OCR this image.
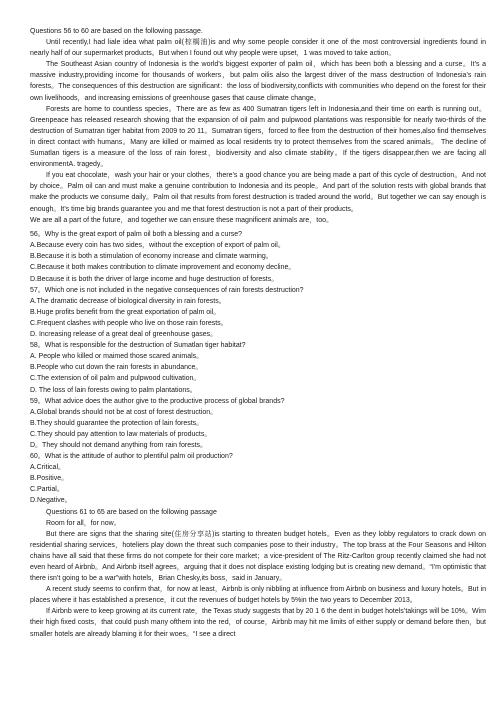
Questions 56 to 60 are based on the following passage.

Until recently,I had liale idea what palm oil(棕榈油)is and why some people consider it one of the most controversial ingredients found in nearly half of our supermarket products。But when I found out why people were upset，1 was moved to take action。

The Southeast Asian country of Indonesia is the world’s biggest exporter of palm oil，which has been both a blessing and a curse。It’s a massive industry,providing income for thousands of workers，but palm oilis also the largest driver of the mass destruction of Indonesia’s rain forests。The consequences of this destruction are significant：the loss of biodiversity,conflicts with communities who depend on the forest for their own livelihoods，and increasing emissions of greenhouse gases that cause climate change。

Forests are home to countless species。There are as few as 400 Sumatran tigers left in Indonesia,and their time on earth is running out。Greenpeace has released research showing that the expansion of oil palm and pulpwood plantations was responsible for nearly two-thirds of the destruction of Sumatran tiger habitat from 2009 to 20 11。Sumatran tigers，forced to flee from the destruction of their homes,also find themselves in direct contact with humans。Many are killed or maimed as local residents try to protect themselves from the scared animals。 The decline of Sumatlan tigers is a measure of the loss of rain forest，biodiversity and also climate stability。If the tigers disappear,then we are facing all environmentA. tragedy。

If you eat chocolate，wash your hair or your clothes，there’s a good chance you are being made a part of this cycle of destruction。And not by choice。Palm oil can and must make a genuine contribution to Indonesia and its people。And part of the solution rests with global brands that make the products we consume daily。Palm oil that results from forest destruction is traded around the world。But together we can say enough is enough。It’s time big brands guarantee you and me that forest destruction is not a part of their products。

We are all a part of the future，and together we can ensure these magnificent animals are，too。

56。Why is the great export of palm oil both a blessing and a curse?

A.Because every coin has two sides，without the exception of export of palm oil。

B.Because it is both a stimulation of economy increase and climate warming。

C.Because it both makes contribution to climate improvement and economy decline。

D.Because it is both the driver of large income and huge destruction of forests。

57。Which one is not included in the negative consequences of rain forests destruction?

A.The dramatic decrease of biological diversity in rain forests。

B.Huge profits benefit from the great exportation of palm oil。

C.Frequent clashes with people who live on those rain forests。

D. Increasing release of a great deal of greenhouse gases。

58。What is responsible for the destruction of Sumatlan tiger habitat?

A. People who killed or maimed those scared animals。

B.People who cut down the rain forests in abundance。

C.The extension of oil palm and pulpwood cultivation。

D. The loss of lain forests owing to palm plantations。

59。What advice does the author give to the productive process of global brands?

A.Global brands should not be at cost of forest destruction。

B.They should guarantee the protection of lain forests。

C.They should pay attention to law materials of products。

D。They should not demand anything from rain forests。

60。What is the attitude of author to plentiful palm oil production?

A.Critical。

B.Positive。

C.Partial。

D.Negative。

Questions 61 to 65 are based on the following passage

Room for all，for now。

But there are signs that the sharing site(住房分享站)is starting to threaten budget hotels。Even as they lobby regulators to crack down on residential sharing services，hoteliers play down the threat such companies pose to their industry。The top brass at the Four Seasons and Hilton chains have all said that these firms do not compete for their core market；a vice-president of The Ritz-Carlton group recently claimed she had not even heard of Airbnb。And Airbnb itself agrees，arguing that it does not displace existing lodging but is creating new demand。“I'm optimistic that there isn’t going to be a war”with hotels，Brian Chesky,its boss，said in January。

A recent study seems to confirm that，for now at least，Airbnb is only nibbling at influence from Airbnb on business and luxury hotels。But in places where it has established a presence，it cut the revenues of budget hotels by 5%in the two years to December 2013。

If Airbnb were to keep growing at its current rate，the Texas study suggests that by 20 1 6 the dent in budget hotels’takings will be 10%。Wim their high fixed costs，that could push many ofthem into the red，of course，Airbnb may hit me limits of either supply or demand before then，but smaller hotels are already blaming it for their woes。“I see a direct
